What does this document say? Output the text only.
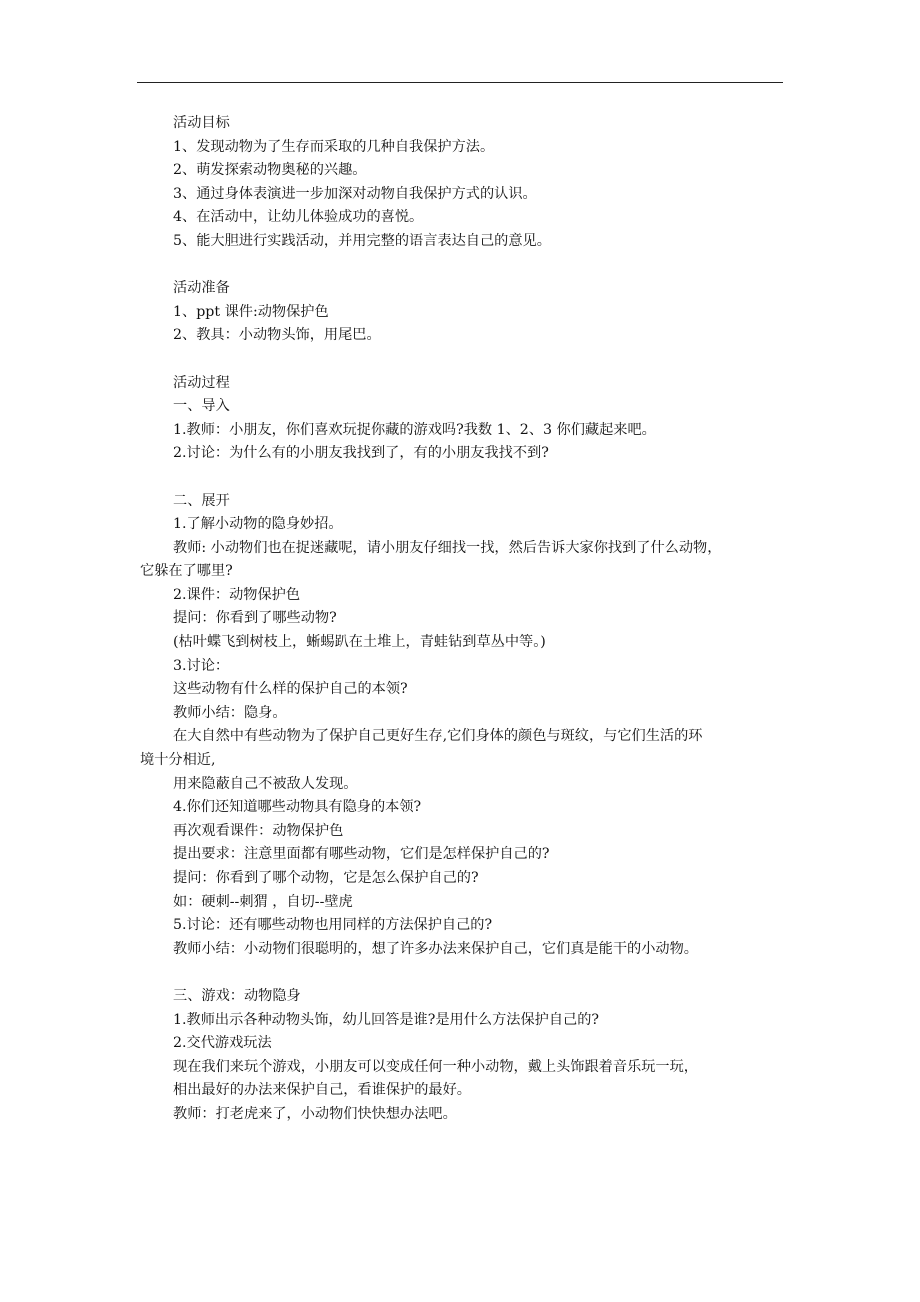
活动目标
1、发现动物为了生存而采取的几种自我保护方法。
2、萌发探索动物奥秘的兴趣。
3、通过身体表演进一步加深对动物自我保护方式的认识。
4、在活动中，让幼儿体验成功的喜悦。
5、能大胆进行实践活动，并用完整的语言表达自己的意见。
活动准备
1、ppt 课件:动物保护色
2、教具：小动物头饰，用尾巴。
活动过程
一、导入
1.教师：小朋友，你们喜欢玩捉你藏的游戏吗?我数 1、2、3 你们藏起来吧。
2.讨论：为什么有的小朋友我找到了，有的小朋友我找不到?
二、展开
1.了解小动物的隐身妙招。
教师: 小动物们也在捉迷藏呢，请小朋友仔细找一找，然后告诉大家你找到了什么动物，
它躲在了哪里?
2.课件：动物保护色
提问：你看到了哪些动物?
(枯叶蝶飞到树枝上，蜥蜴趴在土堆上，青蛙钻到草丛中等。)
3.讨论：
这些动物有什么样的保护自己的本领?
教师小结：隐身。
在大自然中有些动物为了保护自己更好生存,它们身体的颜色与斑纹，与它们生活的环
境十分相近,
用来隐蔽自己不被敌人发现。
4.你们还知道哪些动物具有隐身的本领?
再次观看课件：动物保护色
提出要求：注意里面都有哪些动物，它们是怎样保护自己的?
提问：你看到了哪个动物，它是怎么保护自己的?
如：硬刺--刺猬 ，自切--壁虎
5.讨论：还有哪些动物也用同样的方法保护自己的?
教师小结：小动物们很聪明的，想了许多办法来保护自己，它们真是能干的小动物。
三、游戏：动物隐身
1.教师出示各种动物头饰，幼儿回答是谁?是用什么方法保护自己的?
2.交代游戏玩法
现在我们来玩个游戏，小朋友可以变成任何一种小动物，戴上头饰跟着音乐玩一玩，
相出最好的办法来保护自己，看谁保护的最好。
教师：打老虎来了，小动物们快快想办法吧。
